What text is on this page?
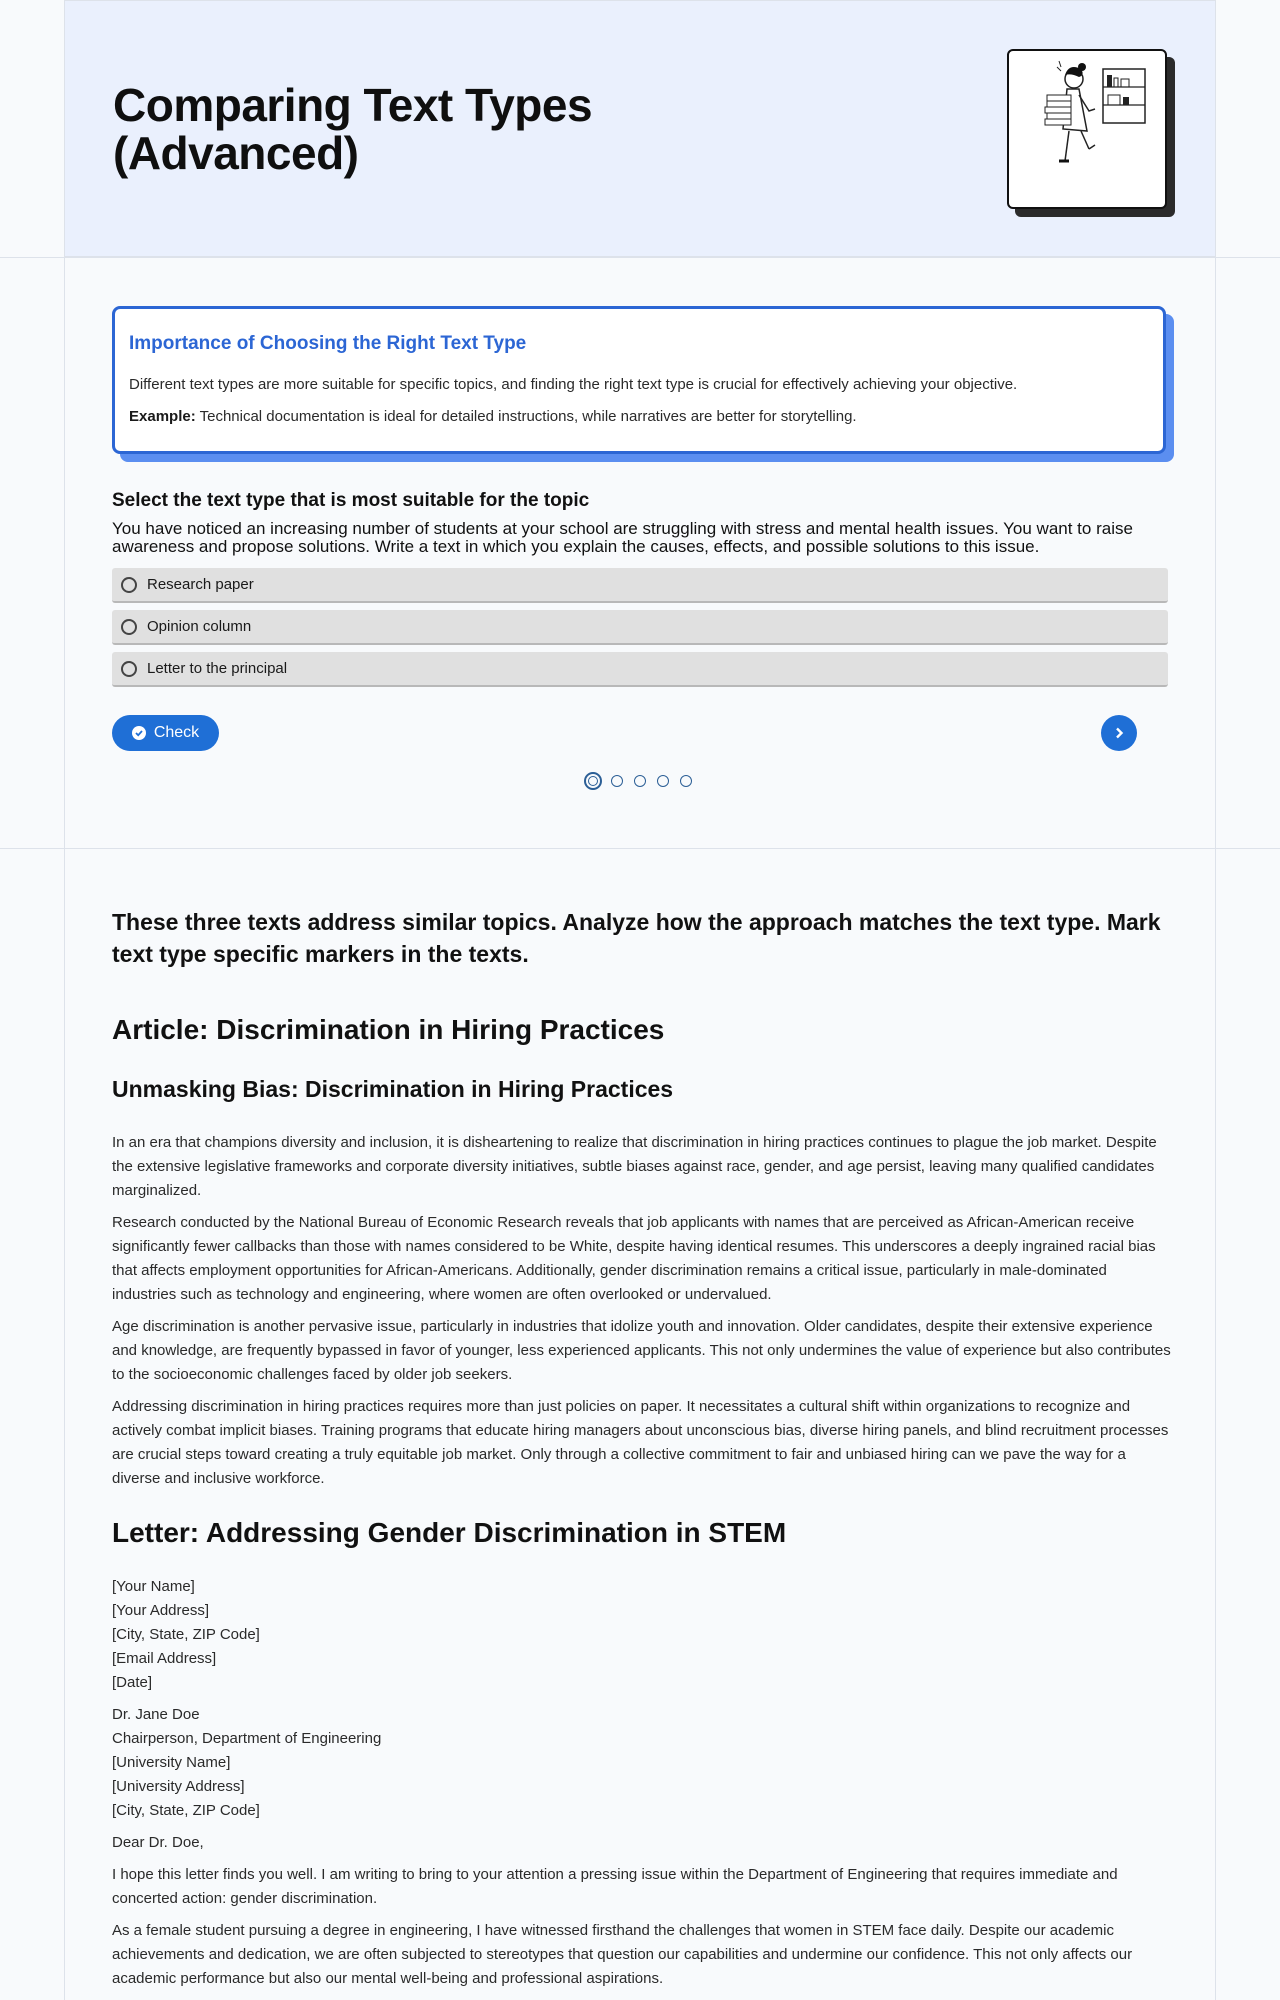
Comparing Text Types (Advanced)
Importance of Choosing the Right Text Type
Different text types are more suitable for specific topics, and finding the right text type is crucial for effectively achieving your objective.
Example: Technical documentation is ideal for detailed instructions, while narratives are better for storytelling.
Select the text type that is most suitable for the topic
You have noticed an increasing number of students at your school are struggling with stress and mental health issues. You want to raise awareness and propose solutions. Write a text in which you explain the causes, effects, and possible solutions to this issue.
Research paper
Opinion column
Letter to the principal
Check
These three texts address similar topics. Analyze how the approach matches the text type. Mark text type specific markers in the texts.
Article: Discrimination in Hiring Practices
Unmasking Bias: Discrimination in Hiring Practices

In an era that champions diversity and inclusion, it is disheartening to realize that discrimination in hiring practices continues to plague the job market. Despite the extensive legislative frameworks and corporate diversity initiatives, subtle biases against race, gender, and age persist, leaving many qualified candidates marginalized.

Research conducted by the National Bureau of Economic Research reveals that job applicants with names that are perceived as African-American receive significantly fewer callbacks than those with names considered to be White, despite having identical resumes. This underscores a deeply ingrained racial bias that affects employment opportunities for African-Americans. Additionally, gender discrimination remains a critical issue, particularly in male-dominated industries such as technology and engineering, where women are often overlooked or undervalued.

Age discrimination is another pervasive issue, particularly in industries that idolize youth and innovation. Older candidates, despite their extensive experience and knowledge, are frequently bypassed in favor of younger, less experienced applicants. This not only undermines the value of experience but also contributes to the socioeconomic challenges faced by older job seekers.

Addressing discrimination in hiring practices requires more than just policies on paper. It necessitates a cultural shift within organizations to recognize and actively combat implicit biases. Training programs that educate hiring managers about unconscious bias, diverse hiring panels, and blind recruitment processes are crucial steps toward creating a truly equitable job market. Only through a collective commitment to fair and unbiased hiring can we pave the way for a diverse and inclusive workforce.

Letter: Addressing Gender Discrimination in STEM
[Your Name]
[Your Address]
[City, State, ZIP Code]
[Email Address]
[Date]
Dr. Jane Doe
Chairperson, Department of Engineering
[University Name]
[University Address]
[City, State, ZIP Code]

Dear Dr. Doe,

I hope this letter finds you well. I am writing to bring to your attention a pressing issue within the Department of Engineering that requires immediate and concerted action: gender discrimination.

As a female student pursuing a degree in engineering, I have witnessed firsthand the challenges that women in STEM face daily. Despite our academic achievements and dedication, we are often subjected to stereotypes that question our capabilities and undermine our confidence. This not only affects our academic performance but also our mental well-being and professional aspirations.
